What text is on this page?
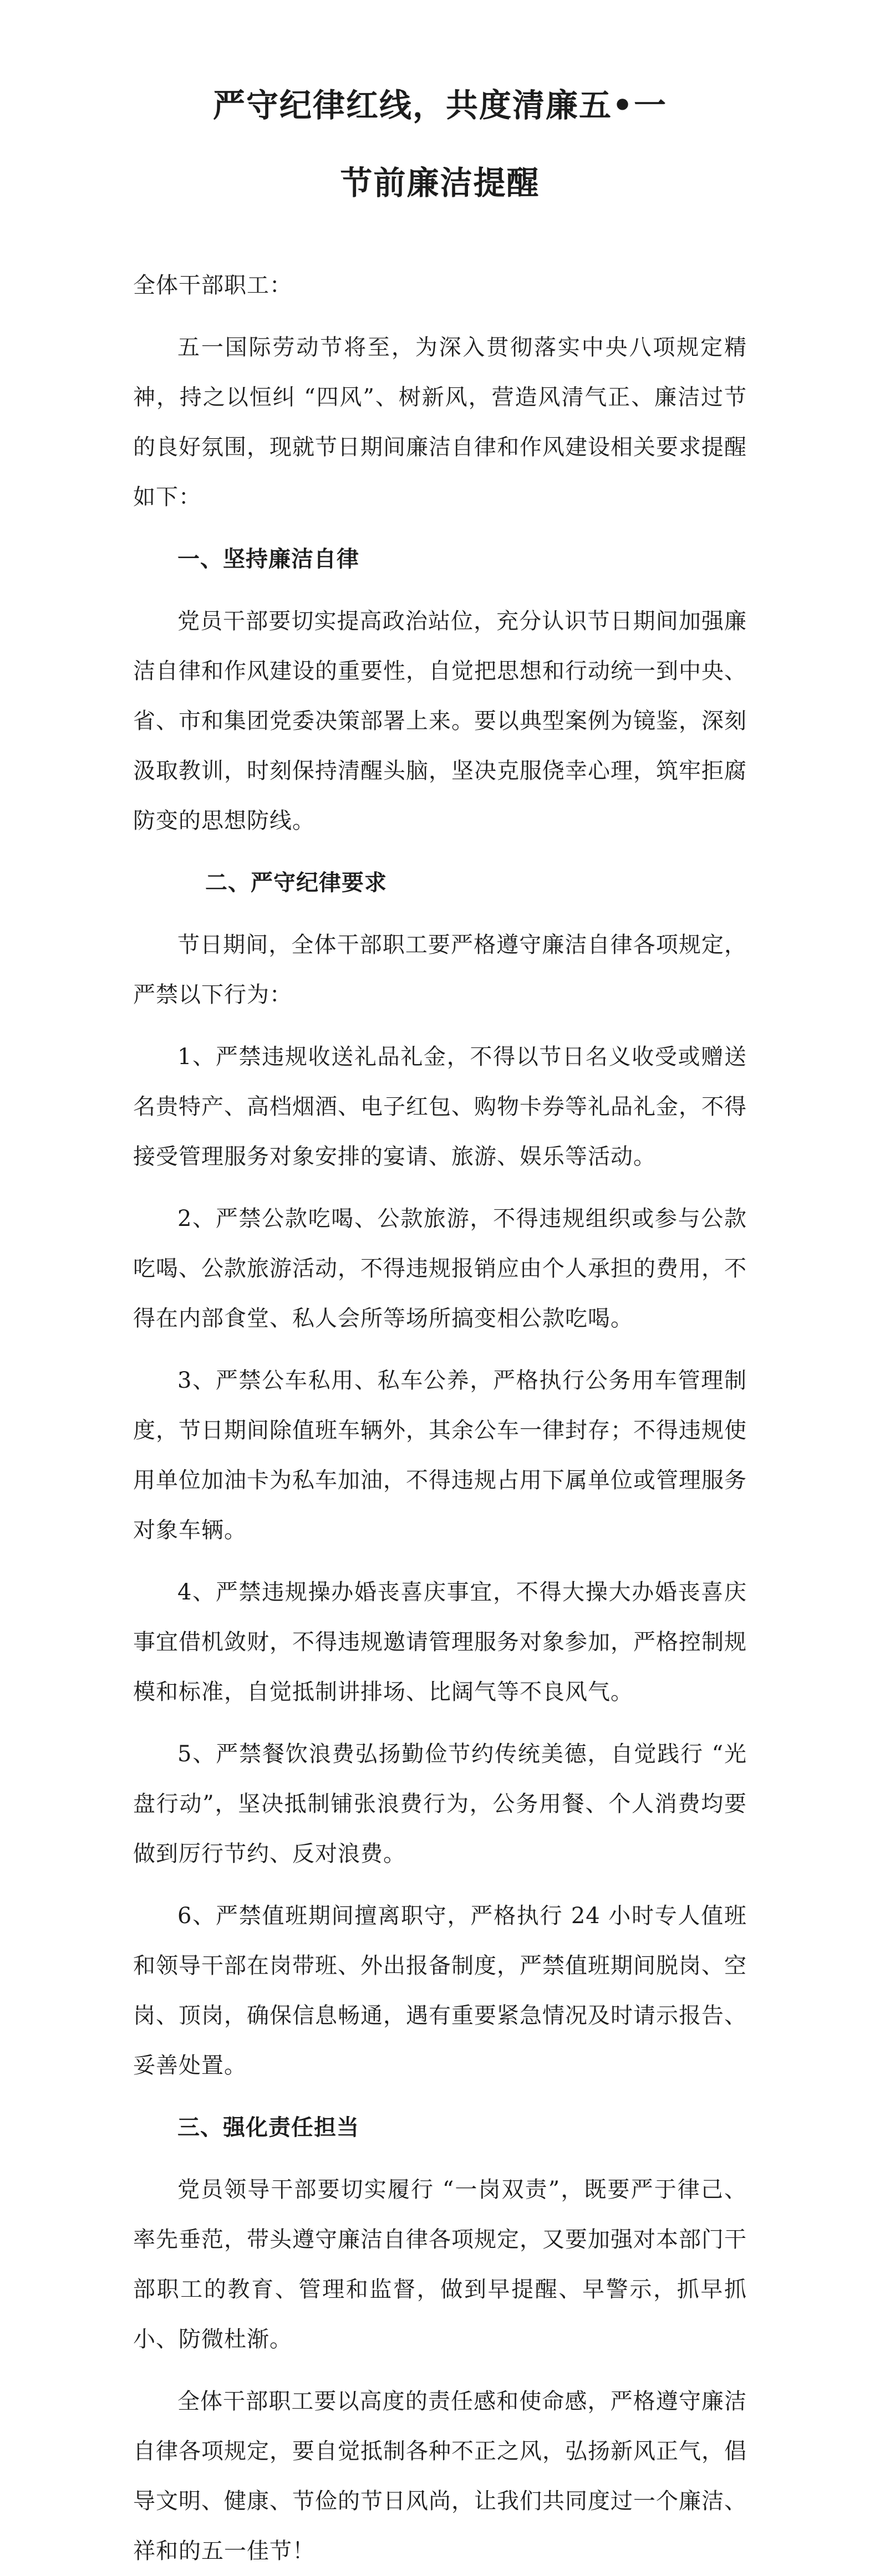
严守纪律红线，共度清廉五•一
节前廉洁提醒

全体干部职工：

五一国际劳动节将至，为深入贯彻落实中央八项规定精神，持之以恒纠 “四风”、树新风，营造风清气正、廉洁过节的良好氛围，现就节日期间廉洁自律和作风建设相关要求提醒如下：

一、坚持廉洁自律

党员干部要切实提高政治站位，充分认识节日期间加强廉洁自律和作风建设的重要性，自觉把思想和行动统一到中央、省、市和集团党委决策部署上来。要以典型案例为镜鉴，深刻汲取教训，时刻保持清醒头脑，坚决克服侥幸心理，筑牢拒腐防变的思想防线。

二、严守纪律要求

节日期间，全体干部职工要严格遵守廉洁自律各项规定，严禁以下行为：

1、严禁违规收送礼品礼金，不得以节日名义收受或赠送名贵特产、高档烟酒、电子红包、购物卡券等礼品礼金，不得接受管理服务对象安排的宴请、旅游、娱乐等活动。

2、严禁公款吃喝、公款旅游，不得违规组织或参与公款吃喝、公款旅游活动，不得违规报销应由个人承担的费用，不得在内部食堂、私人会所等场所搞变相公款吃喝。

3、严禁公车私用、私车公养，严格执行公务用车管理制度，节日期间除值班车辆外，其余公车一律封存；不得违规使用单位加油卡为私车加油，不得违规占用下属单位或管理服务对象车辆。

4、严禁违规操办婚丧喜庆事宜，不得大操大办婚丧喜庆事宜借机敛财，不得违规邀请管理服务对象参加，严格控制规模和标准，自觉抵制讲排场、比阔气等不良风气。

5、严禁餐饮浪费弘扬勤俭节约传统美德，自觉践行 “光盘行动”，坚决抵制铺张浪费行为，公务用餐、个人消费均要做到厉行节约、反对浪费。

6、严禁值班期间擅离职守，严格执行 24 小时专人值班和领导干部在岗带班、外出报备制度，严禁值班期间脱岗、空岗、顶岗，确保信息畅通，遇有重要紧急情况及时请示报告、妥善处置。

三、强化责任担当

党员领导干部要切实履行 “一岗双责”，既要严于律己、率先垂范，带头遵守廉洁自律各项规定，又要加强对本部门干部职工的教育、管理和监督，做到早提醒、早警示，抓早抓小、防微杜渐。

全体干部职工要以高度的责任感和使命感，严格遵守廉洁自律各项规定，要自觉抵制各种不正之风，弘扬新风正气，倡导文明、健康、节俭的节日风尚，让我们共同度过一个廉洁、祥和的五一佳节！
